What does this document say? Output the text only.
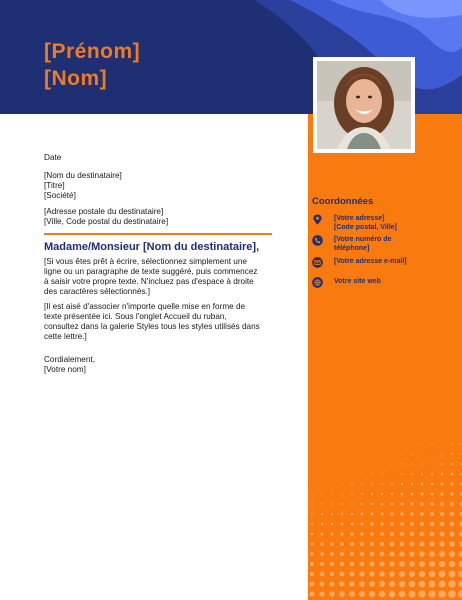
[Prénom]
[Nom]
Coordonnées
[Votre adresse]
[Code postal, Ville]
[Votre numéro de
téléphone]
[Votre adresse e-mail]
Votre site web
Date
[Nom du destinataire]
[Titre]
[Société]
[Adresse postale du destinataire]
[Ville, Code postal du destinataire]
Madame/Monsieur [Nom du destinataire],
[Si vous êtes prêt à écrire, sélectionnez simplement une
ligne ou un paragraphe de texte suggéré, puis commencez
à saisir votre propre texte. N'incluez pas d'espace à droite
des caractères sélectionnés.]
[Il est aisé d'associer n'importe quelle mise en forme de
texte présentée ici. Sous l'onglet Accueil du ruban,
consultez dans la galerie Styles tous les styles utilisés dans
cette lettre.]
Cordialement,
[Votre nom]
